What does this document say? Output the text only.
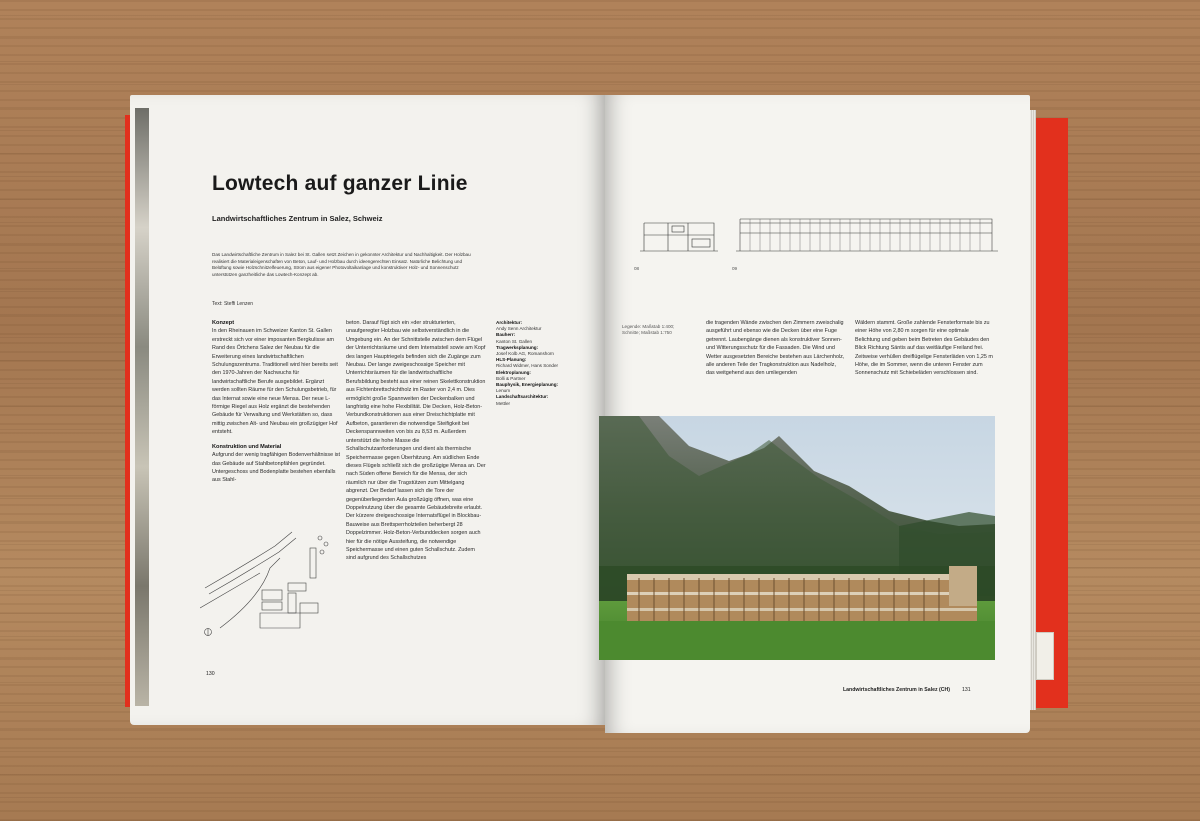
Lowtech auf ganzer Linie
Landwirtschaftliches Zentrum in Salez, Schweiz
Das Landwirtschaftliche Zentrum in Salez bei St. Gallen setzt Zeichen in gekonnter Architektur und Nachhaltigkeit. Der Holzbau realisiert die Materialeigenschaften von Beton, Lauf- und Holzbau durch ideengerechten Einsatz. Natürliche Belichtung und Belüftung sowie Holzschnitzelfeuerung, Strom aus eigener Photovoltaikanlage und konstruktiver Holz- und Sonnenschutz unterstützen ganzheitliche das Lowtech-Konzept ab.
Text: Steffi Lenzen
Konzept

In den Rheinauen im Schweizer Kanton St. Gallen erstreckt sich vor einer imposanten Bergkulisse am Rand des Örtchens Salez der Neubau für die Erweiterung eines landwirtschaftlichen Schulungszentrums. Traditionell wird hier bereits seit den 1970-Jahren der Nachwuchs für landwirtschaftliche Berufe ausgebildet. Ergänzt werden sollten Räume für den Schulungsbetrieb, für das Internat sowie eine neue Mensa. Der neue L-förmige Riegel aus Holz ergänzt die bestehenden Gebäude für Verwaltung und Werkstätten so, dass mittig zwischen Alt- und Neubau ein großzügiger Hof entsteht.

Konstruktion und Material

Aufgrund der wenig tragfähigen Bodenverhältnisse ist das Gebäude auf Stahlbetonpfählen gegründet. Untergeschoss und Bodenplatte bestehen ebenfalls aus Stahl-

beton. Darauf fügt sich ein »der strukturierten, unaufgeregter Holzbau wie selbstverständlich in die Umgebung ein. An der Schnittstelle zwischen dem Flügel der Unterrichtsräume und dem Internatsteil sowie am Kopf des langen Hauptriegels befinden sich die Zugänge zum Neubau. Der lange zweigeschossige Speicher mit Unterrichtsräumen für die landwirtschaftliche Berufsbildung besteht aus einer reinen Skelettkonstruktion aus Fichtenbrettschichtholz im Raster von 2,4 m. Dies ermöglicht große Spannweiten der Deckenbalken und langfristig eine hohe Flexibilität. Die Decken, Holz-Beton-Verbundkonstruktionen aus einer Dreischichtplatte mit Aufbeton, garantieren die notwendige Steifigkeit bei Deckenspannweiten von bis zu 8,53 m. Außerdem unterstützt die hohe Masse die Schallschutzanforderungen und dient als thermische Speichermasse gegen Überhitzung. Am südlichen Ende dieses Flügels schließt sich die großzügige Mensa an. Der nach Süden offene Bereich für die Mensa, der sich räumlich nur über die Tragstützen zum Mittelgang abgrenzt. Der Bedarf lassen sich die Tore der gegenüberliegenden Aula großzügig öffnen, was eine Doppelnutzung über die gesamte Gebäudebreite erlaubt. Der kürzere dreigeschossige Internatsflügel in Blockbau-Bauweise aus Brettsperrholzteilen beherbergt 28 Doppelzimmer. Holz-Beton-Verbunddecken sorgen auch hier für die nötige Aussteifung, die notwendige Speichermasse und einen guten Schallschutz. Zudem sind aufgrund des Schallschutzes

Architektur:
Andy Senn Architektur
Bauherr:
Kanton St. Gallen
Tragwerksplanung:
Josef Kolb AG, Romanshorn
HLS-Planung:
Richard Widmer, Hans Sonder
Elektroplanung:
Bolli & Partner
Bauphysik, Energieplanung:
Lenum
Landschaftsarchitektur:
Mettler
130
08	09
Legende: Maßstab 1:400; Schnitte; Maßstab 1:750

die tragenden Wände zwischen den Zimmern zweischalig ausgeführt und ebenso wie die Decken über eine Fuge getrennt. Laubengänge dienen als konstruktiver Sonnen- und Witterungsschutz für die Fassaden. Die Wind und Wetter ausgesetzten Bereiche bestehen aus Lärchenholz, alle anderen Teile der Tragkonstruktion aus Nadelholz, das weitgehend aus den umliegenden

Wäldern stammt. Große zahlende Fensterformate bis zu einer Höhe von 2,80 m sorgen für eine optimale Belichtung und geben beim Betreten des Gebäudes den Blick Richtung Säntis auf das weitläufige Freiland frei. Zeitweise verhüllen dreiflügelige Fensterläden von 1,25 m Höhe, die im Sommer, wenn die unteren Fenster zum Sonnenschutz mit Schiebeläden verschlossen sind.

Landwirtschaftliches Zentrum in Salez (CH) 131
